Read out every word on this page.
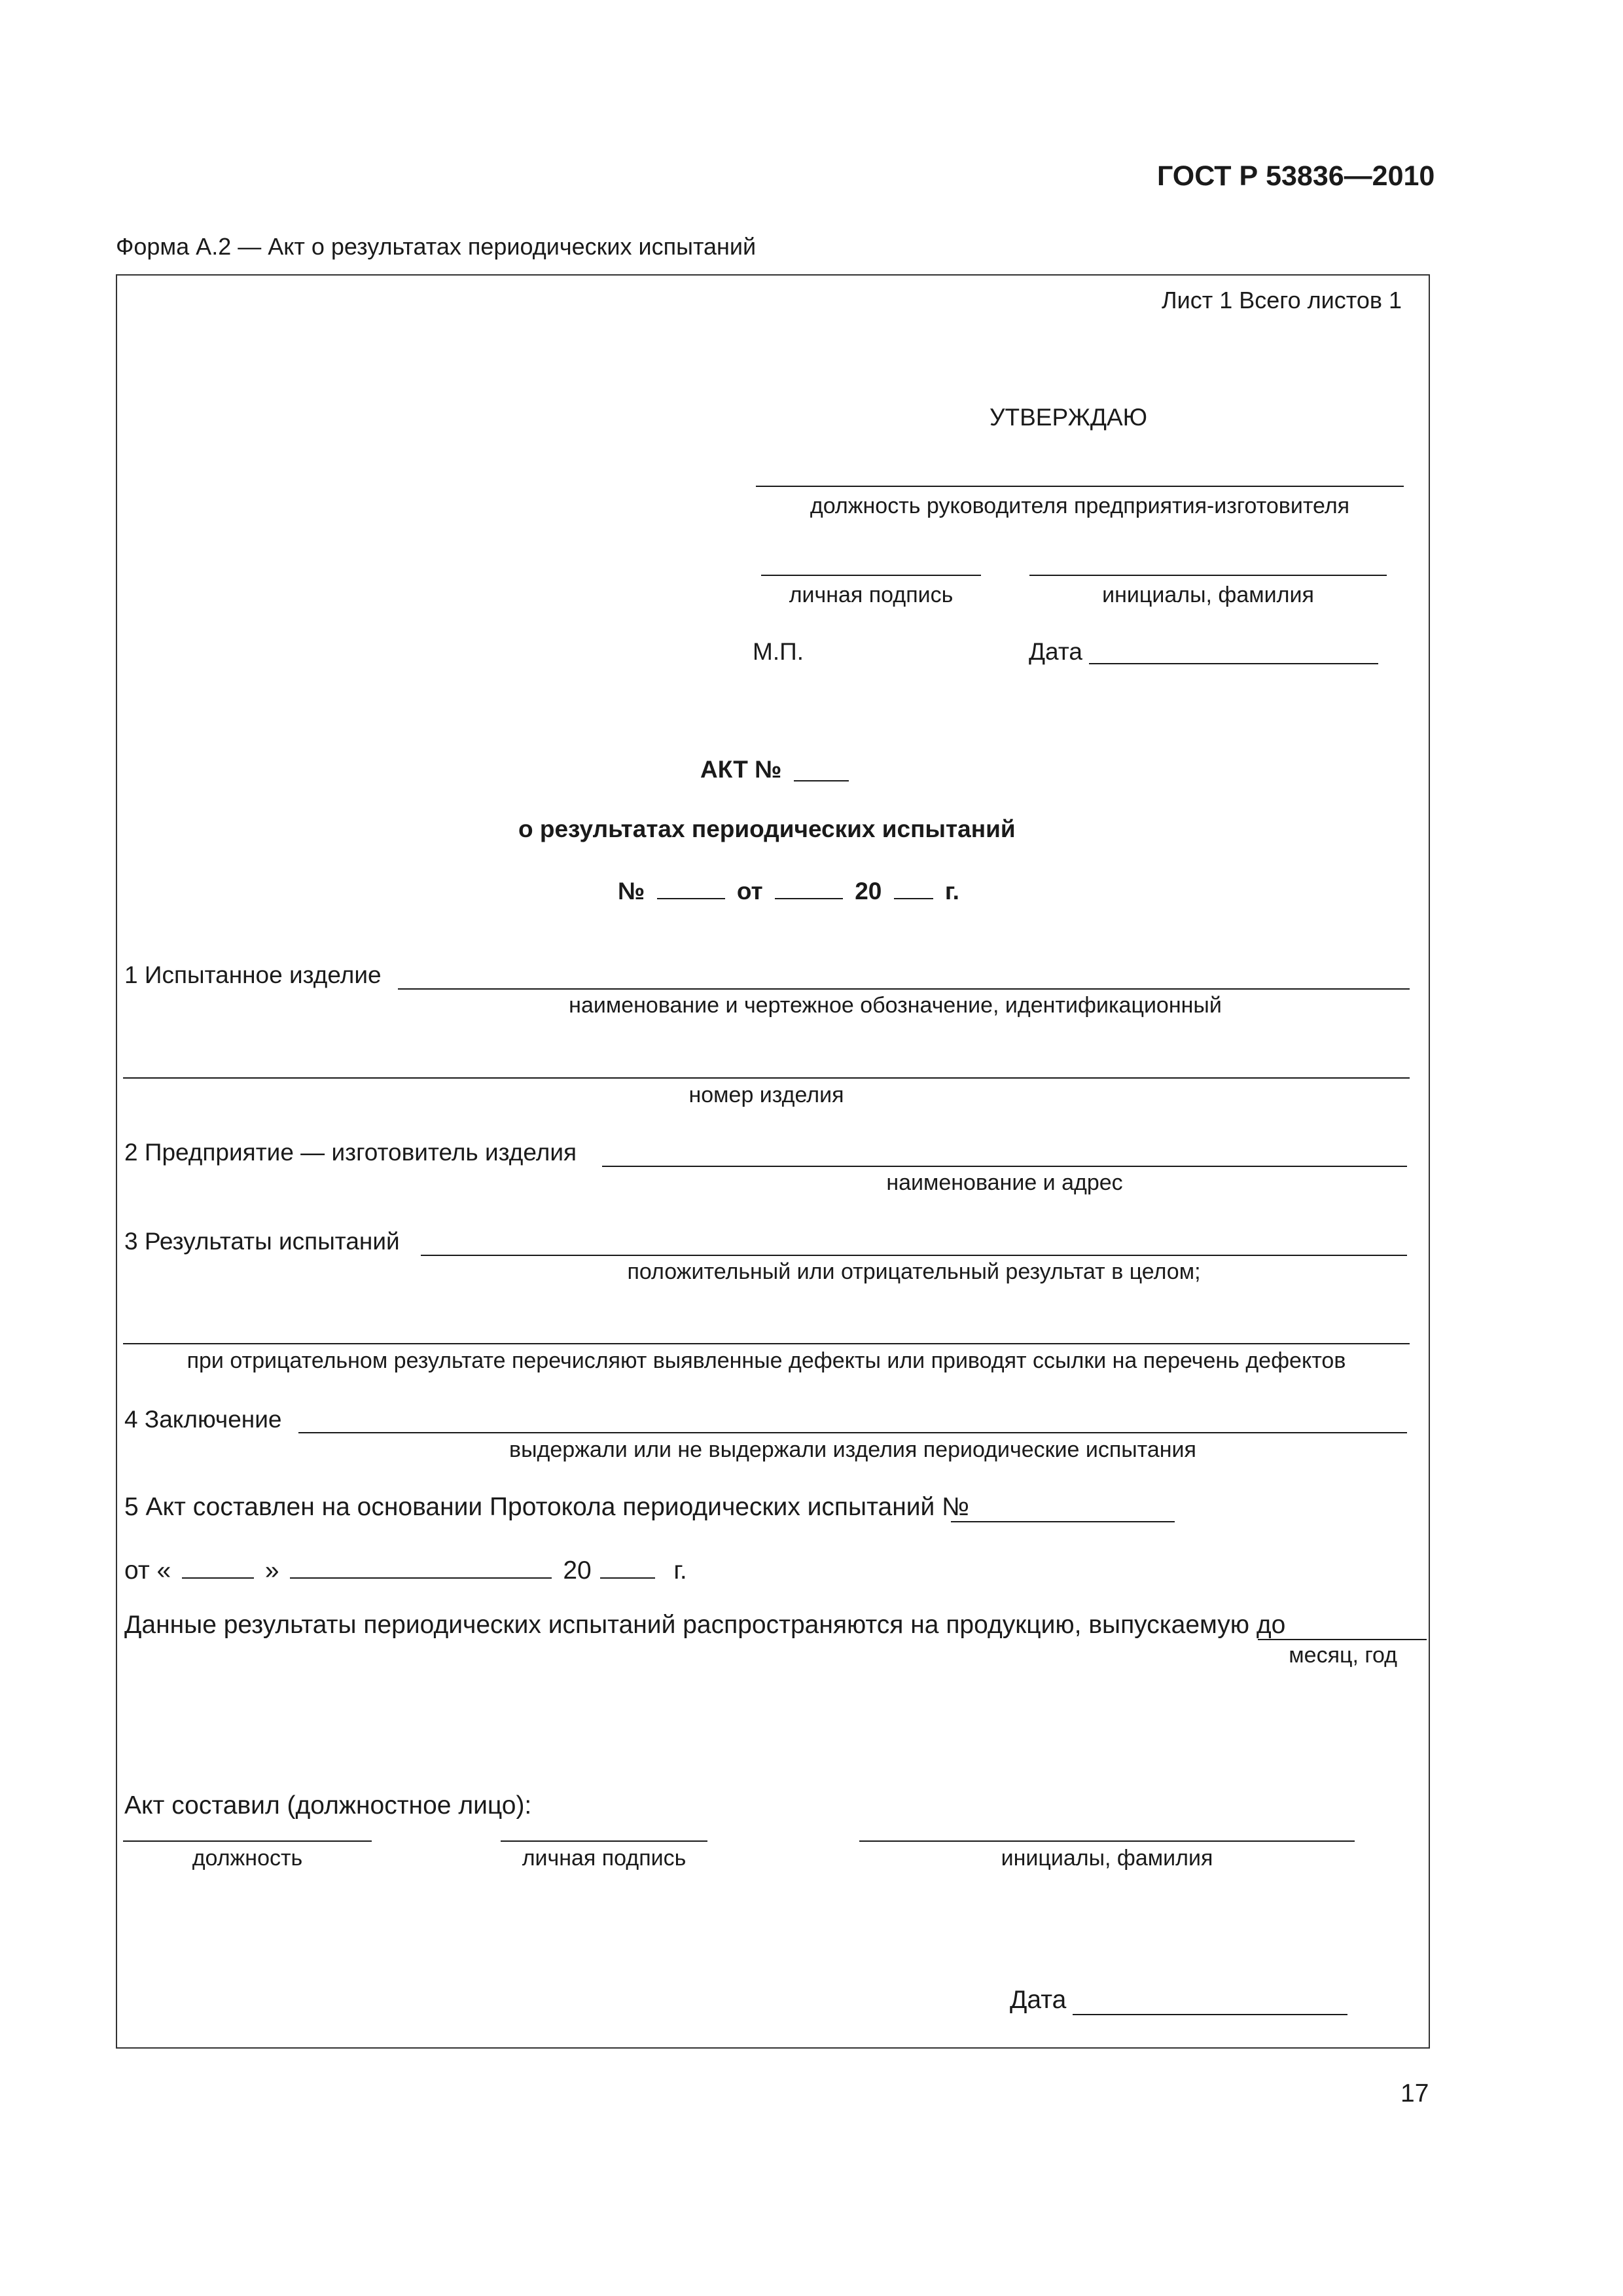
ГОСТ Р 53836—2010
Форма А.2 — Акт о результатах периодических испытаний
Лист 1 Всего листов 1
УТВЕРЖДАЮ
должность руководителя предприятия-изготовителя
личная подпись	инициалы, фамилия
М.П.	Дата
АКТ №
о результатах периодических испытаний
№	от	20	г.
1 Испытанное изделие
наименование и чертежное обозначение, идентификационный
номер изделия
2 Предприятие — изготовитель изделия
наименование и адрес
3 Результаты испытаний
положительный или отрицательный результат в целом;
при отрицательном результате перечисляют выявленные дефекты или приводят ссылки на перечень дефектов
4 Заключение
выдержали или не выдержали изделия периодические испытания
5 Акт составлен на основании Протокола периодических испытаний №
от «	»	20	г.
Данные результаты периодических испытаний распространяются на продукцию, выпускаемую до
месяц, год
Акт составил (должностное лицо):
должность	личная подпись	инициалы, фамилия
Дата
17
